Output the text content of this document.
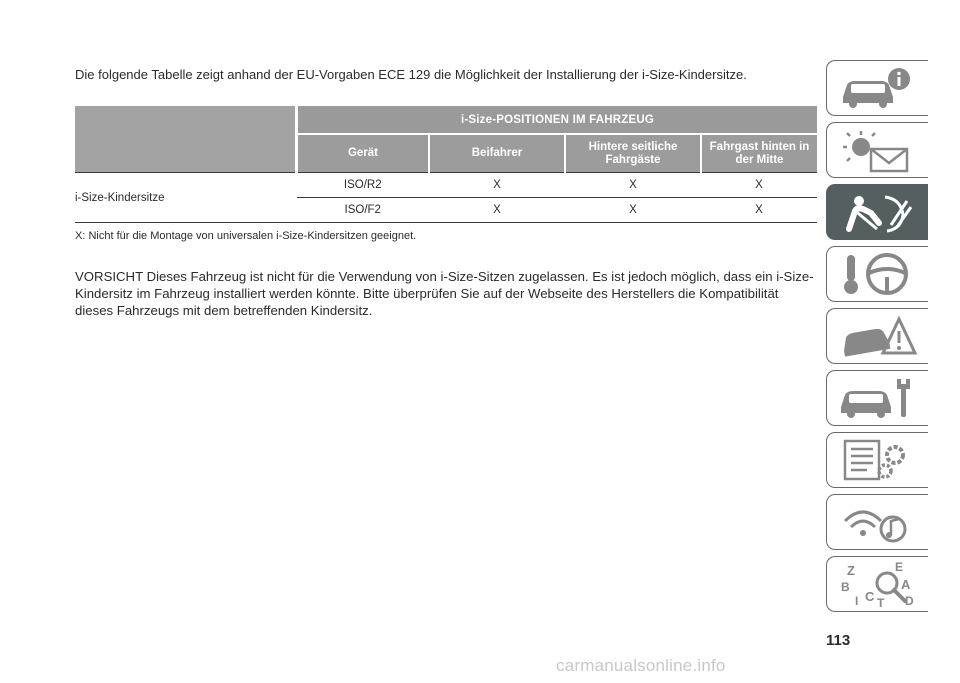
Die folgende Tabelle zeigt anhand der EU-Vorgaben ECE 129 die Möglichkeit der Installierung der i-Size-Kindersitze.

	i-Size-POSITIONEN IM FAHRZEUG			
	Gerät	Beifahrer	Hintere seitliche Fahrgäste	Fahrgast hinten in der Mitte
i-Size-Kindersitze	ISO/R2	X	X	X
	ISO/F2	X	X	X

X: Nicht für die Montage von universalen i-Size-Kindersitzen geeignet.

VORSICHT Dieses Fahrzeug ist nicht für die Verwendung von i-Size-Sitzen zugelassen. Es ist jedoch möglich, dass ein i-Size-Kindersitz im Fahrzeug installiert werden könnte. Bitte überprüfen Sie auf der Webseite des Herstellers die Kompatibilität dieses Fahrzeugs mit dem betreffenden Kindersitz.

Z	E
B	A
I C T D
113
carmanualsonline.info
